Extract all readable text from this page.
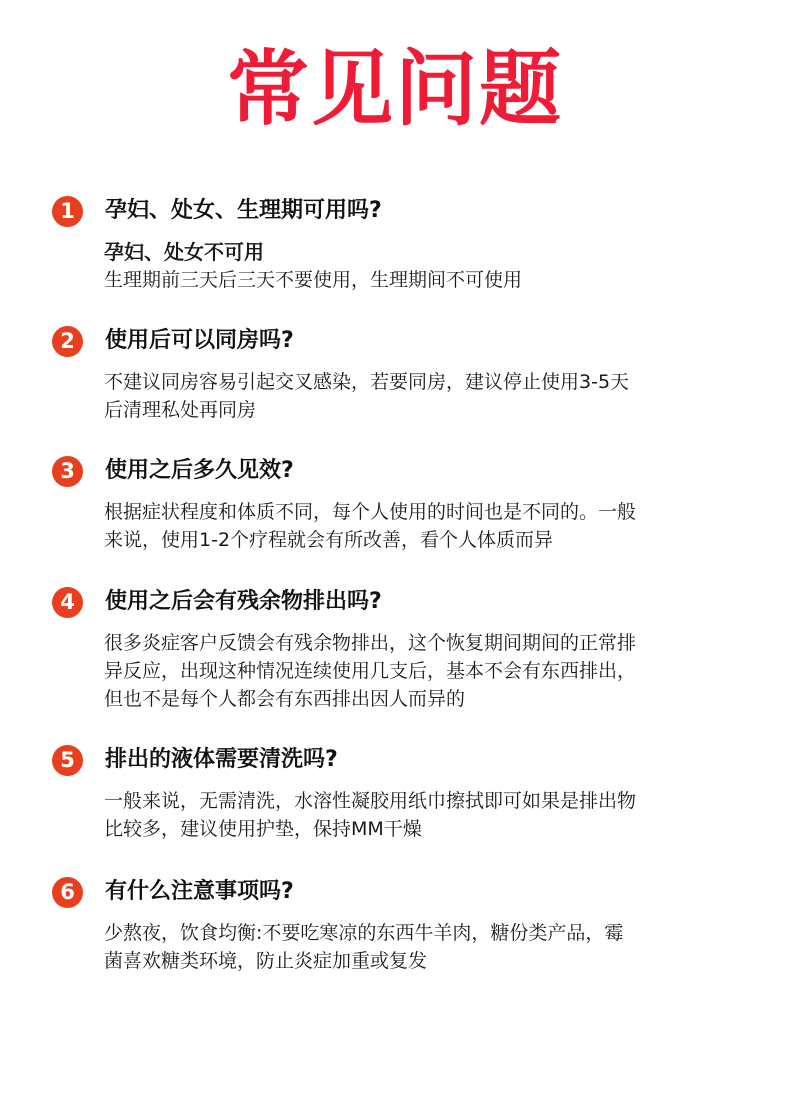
常见问题
1	孕妇、处女、生理期可用吗?
孕妇、处女不可用
生理期前三天后三天不要使用，生理期间不可使用
2	使用后可以同房吗?
不建议同房容易引起交叉感染，若要同房，建议停止使用3-5天
后清理私处再同房
3	使用之后多久见效?
根据症状程度和体质不同，每个人使用的时间也是不同的。一般
来说，使用1-2个疗程就会有所改善，看个人体质而异
4	使用之后会有残余物排出吗?
很多炎症客户反馈会有残余物排出，这个恢复期间期间的正常排
异反应，出现这种情况连续使用几支后，基本不会有东西排出，
但也不是每个人都会有东西排出因人而异的
5	排出的液体需要清洗吗?
一般来说，无需清洗，水溶性凝胶用纸巾擦拭即可如果是排出物
比较多，建议使用护垫，保持MM干燥
6	有什么注意事项吗?
少熬夜，饮食均衡:不要吃寒凉的东西牛羊肉，糖份类产品，霉
菌喜欢糖类环境，防止炎症加重或复发
